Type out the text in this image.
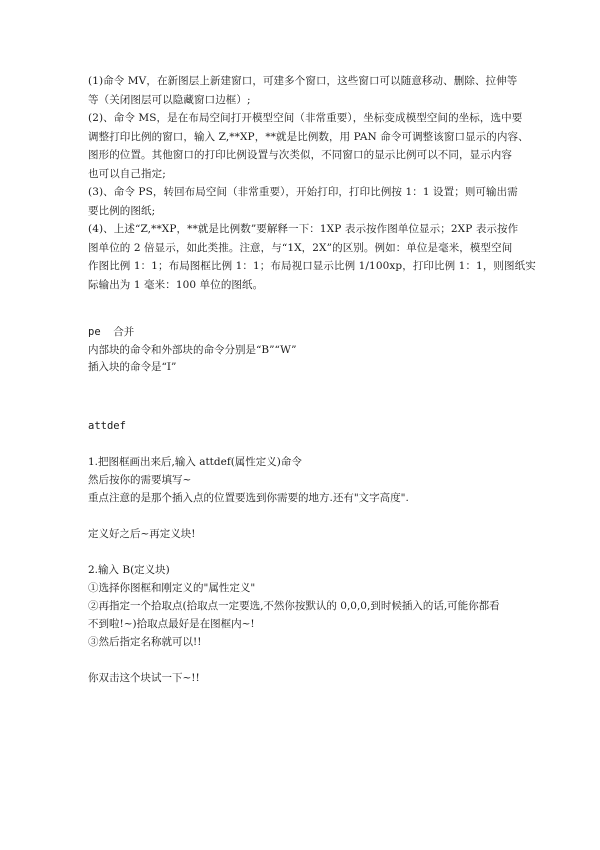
(1)命令 MV，在新图层上新建窗口，可建多个窗口，这些窗口可以随意移动、删除、拉伸等
等（关闭图层可以隐藏窗口边框）;
(2)、命令 MS，是在布局空间打开模型空间（非常重要），坐标变成模型空间的坐标，选中要
调整打印比例的窗口，输入 Z,**XP，**就是比例数，用 PAN 命令可调整该窗口显示的内容、
图形的位置。其他窗口的打印比例设置与次类似，不同窗口的显示比例可以不同，显示内容
也可以自己指定;
(3)、命令 PS，转回布局空间（非常重要），开始打印，打印比例按 1：1 设置；则可输出需
要比例的图纸;
(4)、上述“Z,**XP，**就是比例数”要解释一下：1XP 表示按作图单位显示；2XP 表示按作
图单位的 2 倍显示，如此类推。注意，与“1X，2X”的区别。例如：单位是毫米，模型空间
作图比例 1：1；布局图框比例 1：1；布局视口显示比例 1/100xp，打印比例 1：1，则图纸实
际输出为 1 毫米：100 单位的图纸。
pe  合并
内部块的命令和外部块的命令分别是“B”“W”
插入块的命令是“I”
attdef
1.把图框画出来后,输入 attdef(属性定义)命令
然后按你的需要填写~
重点注意的是那个插入点的位置要选到你需要的地方.还有"文字高度".
定义好之后~再定义块!
2.输入 B(定义块)
①选择你图框和刚定义的"属性定义"
②再指定一个拾取点(拾取点一定要选,不然你按默认的 0,0,0,到时候插入的话,可能你都看
不到啦!~)拾取点最好是在图框内~!
③然后指定名称就可以!!
你双击这个块试一下~!!
